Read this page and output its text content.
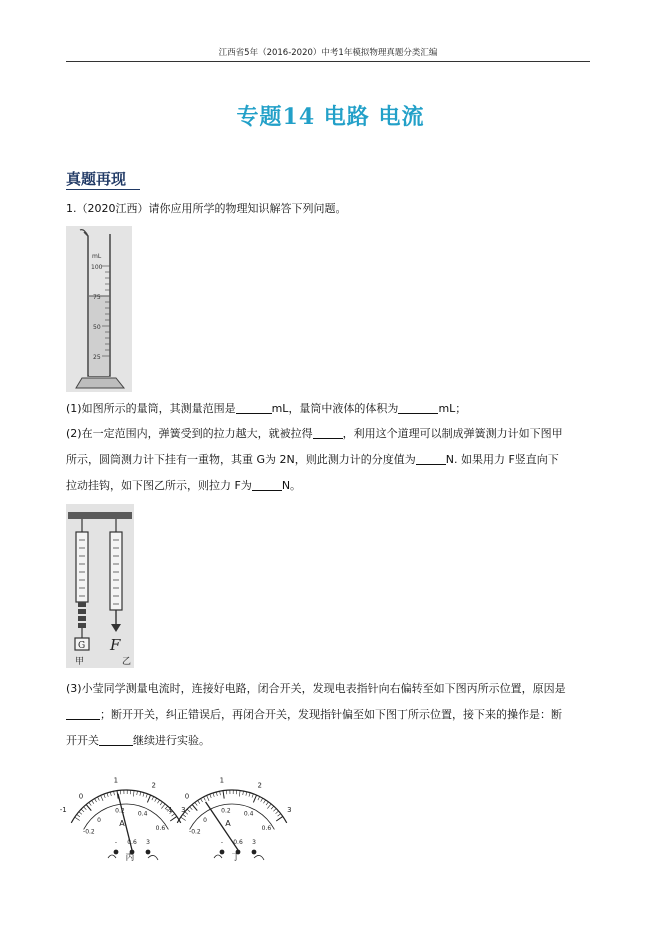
江西省5年（2016-2020）中考1年模拟物理真题分类汇编
专题14 电路 电流
真题再现
1.（2020江西）请你应用所学的物理知识解答下列问题。
mL
100
75
50
25
(1)如图所示的量筒，其测量范围是	mL，量筒中液体的体积为	mL；
(2)在一定范围内，弹簧受到的拉力越大，就被拉得	，利用这个道理可以制成弹簧测力计如下图甲
所示，圆筒测力计下挂有一重物，其重 G为 2N，则此测力计的分度值为	N. 如果用力 F竖直向下
拉动挂钩，如下图乙所示，则拉力 F为	N。
G F
甲	乙
(3)小莹同学测量电流时，连接好电路，闭合开关，发现电表指针向右偏转至如下图丙所示位置，原因是
；断开开关，纠正错误后，再闭合开关，发现指针偏至如下图丁所示位置，接下来的操作是：断
开开关	继续进行实验。
-1
0
1
2
3
-0.2
0
0.2 0.4
0.6
A
- 0.6 3
丙
-1
0
1
2
3
-0.2
0
0.2 0.4
0.6
A
- 0.6 3
丁
